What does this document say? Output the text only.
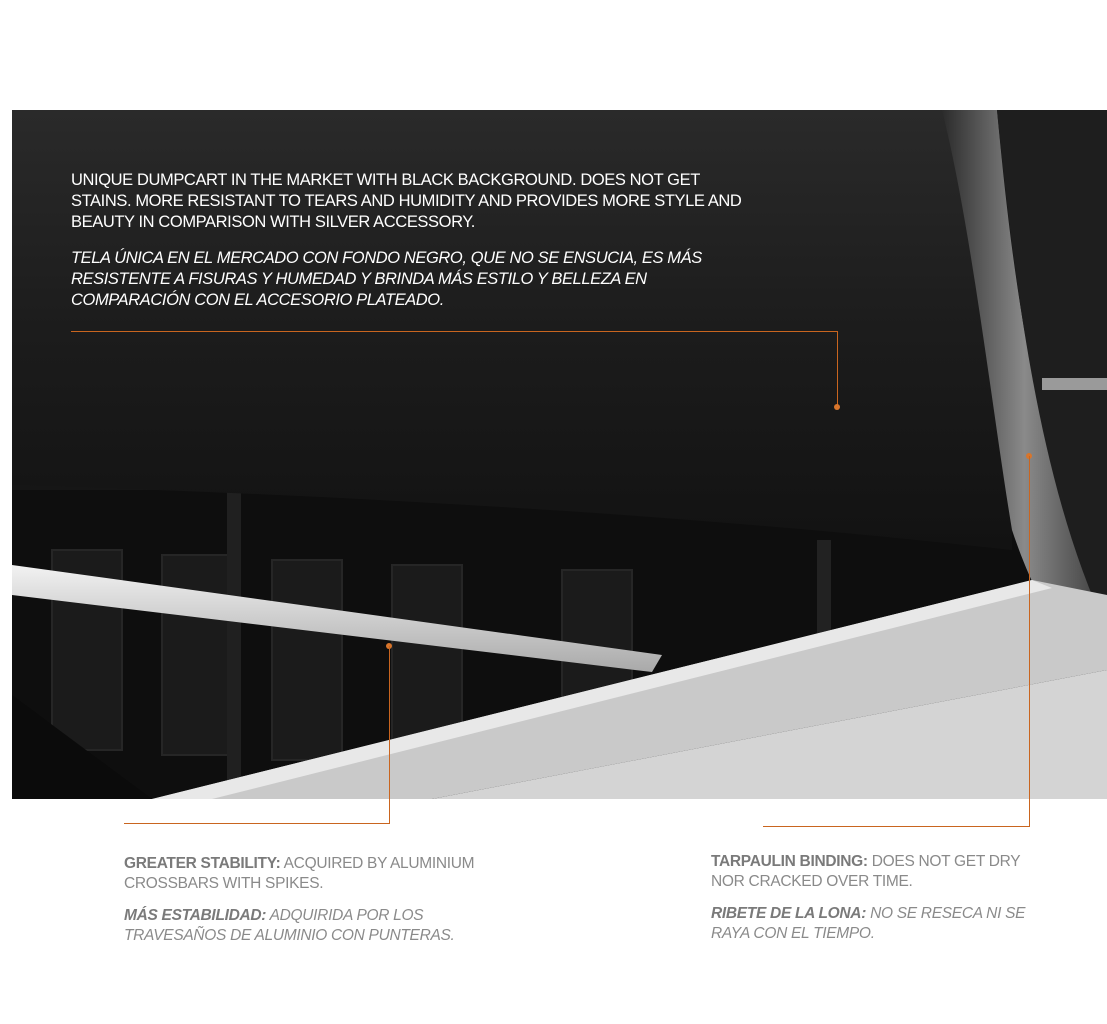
UNIQUE DUMPCART IN THE MARKET WITH BLACK BACKGROUND. DOES NOT GET STAINS. MORE RESISTANT TO TEARS AND HUMIDITY AND PROVIDES MORE STYLE AND BEAUTY IN COMPARISON WITH SILVER ACCESSORY.
TELA ÚNICA EN EL MERCADO CON FONDO NEGRO, QUE NO SE ENSUCIA, ES MÁS RESISTENTE A FISURAS Y HUMEDAD Y BRINDA MÁS ESTILO Y BELLEZA EN COMPARACIÓN CON EL ACCESORIO PLATEADO.
GREATER STABILITY: ACQUIRED BY ALUMINIUM CROSSBARS WITH SPIKES.
MÁS ESTABILIDAD: ADQUIRIDA POR LOS TRAVESAÑOS DE ALUMINIO CON PUNTERAS.
TARPAULIN BINDING: DOES NOT GET DRY NOR CRACKED OVER TIME.
RIBETE DE LA LONA: NO SE RESECA NI SE RAYA CON EL TIEMPO.
